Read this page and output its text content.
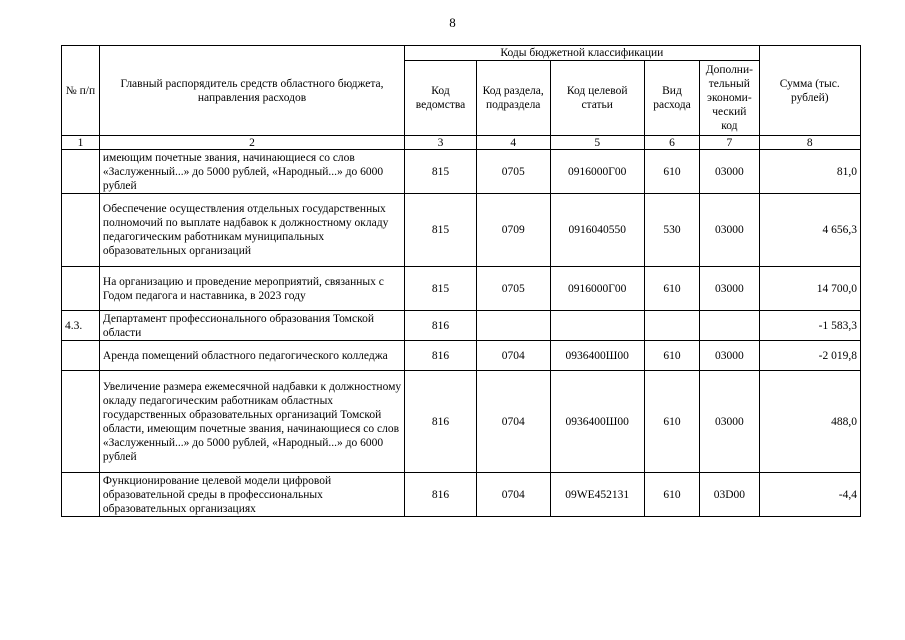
8
№ п/п	Главный распорядитель средств областного бюджета, направления расходов	Коды бюджетной классификации					Сумма (тыс. рублей)
		Код ведомства	Код раздела, подраздела	Код целевой статьи	Вид расхода	Дополни-тельный экономи-ческий код	
1	2	3	4	5	6	7	8
	имеющим почетные звания, начинающиеся со слов «Заслуженный...» до 5000 рублей, «Народный...» до 6000 рублей	815	0705	0916000Г00	610	03000	81,0
	Обеспечение осуществления отдельных государственных полномочий по выплате надбавок к должностному окладу педагогическим работникам муниципальных образовательных организаций	815	0709	0916040550	530	03000	4 656,3
	На организацию и проведение мероприятий, связанных с Годом педагога и наставника, в 2023 году	815	0705	0916000Г00	610	03000	14 700,0
4.3.	Департамент профессионального образования Томской области	816					-1 583,3
	Аренда помещений областного педагогического колледжа	816	0704	0936400Ш00	610	03000	-2 019,8
	Увеличение размера ежемесячной надбавки к должностному окладу педагогическим работникам областных государственных образовательных организаций Томской области, имеющим почетные звания, начинающиеся со слов «Заслуженный...» до 5000 рублей, «Народный...» до 6000 рублей	816	0704	0936400Ш00	610	03000	488,0
	Функционирование целевой модели цифровой образовательной среды в профессиональных образовательных организациях	816	0704	09WE452131	610	03D00	-4,4
